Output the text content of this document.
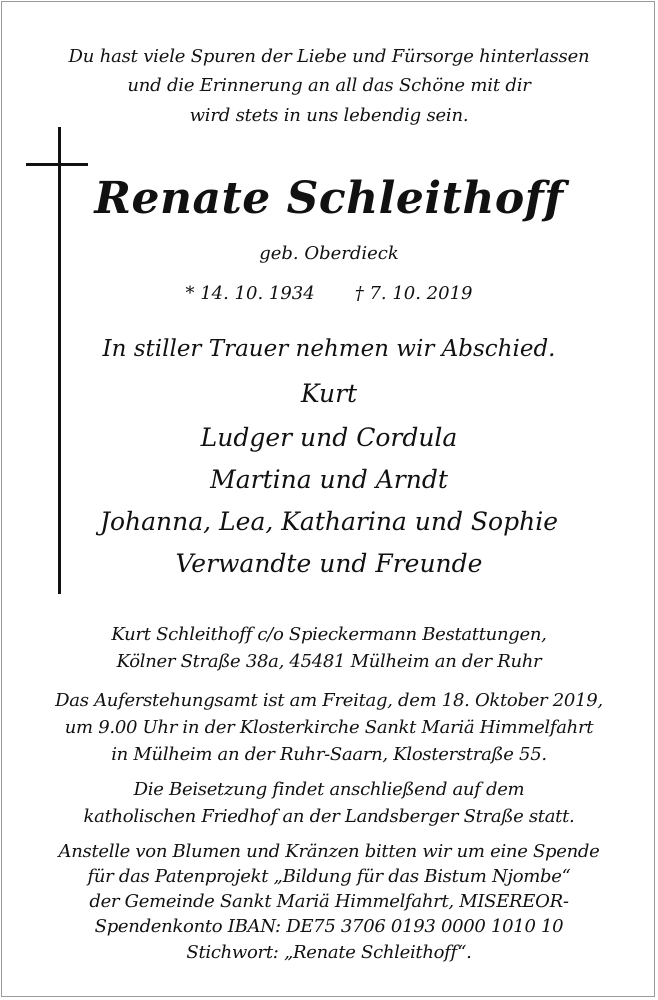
Du hast viele Spuren der Liebe und Fürsorge hinterlassen
und die Erinnerung an all das Schöne mit dir
wird stets in uns lebendig sein.
Renate Schleithoff
geb. Oberdieck
* 14. 10. 1934 † 7. 10. 2019
In stiller Trauer nehmen wir Abschied.
Kurt
Ludger und Cordula
Martina und Arndt
Johanna, Lea, Katharina und Sophie
Verwandte und Freunde
Kurt Schleithoff c/o Spieckermann Bestattungen,
Kölner Straße 38a, 45481 Mülheim an der Ruhr
Das Auferstehungsamt ist am Freitag, dem 18. Oktober 2019,
um 9.00 Uhr in der Klosterkirche Sankt Mariä Himmelfahrt
in Mülheim an der Ruhr-Saarn, Klosterstraße 55.
Die Beisetzung findet anschließend auf dem
katholischen Friedhof an der Landsberger Straße statt.
Anstelle von Blumen und Kränzen bitten wir um eine Spende
für das Patenprojekt „Bildung für das Bistum Njombe“
der Gemeinde Sankt Mariä Himmelfahrt, MISEREOR-
Spendenkonto IBAN: DE75 3706 0193 0000 1010 10
Stichwort: „Renate Schleithoff“.
